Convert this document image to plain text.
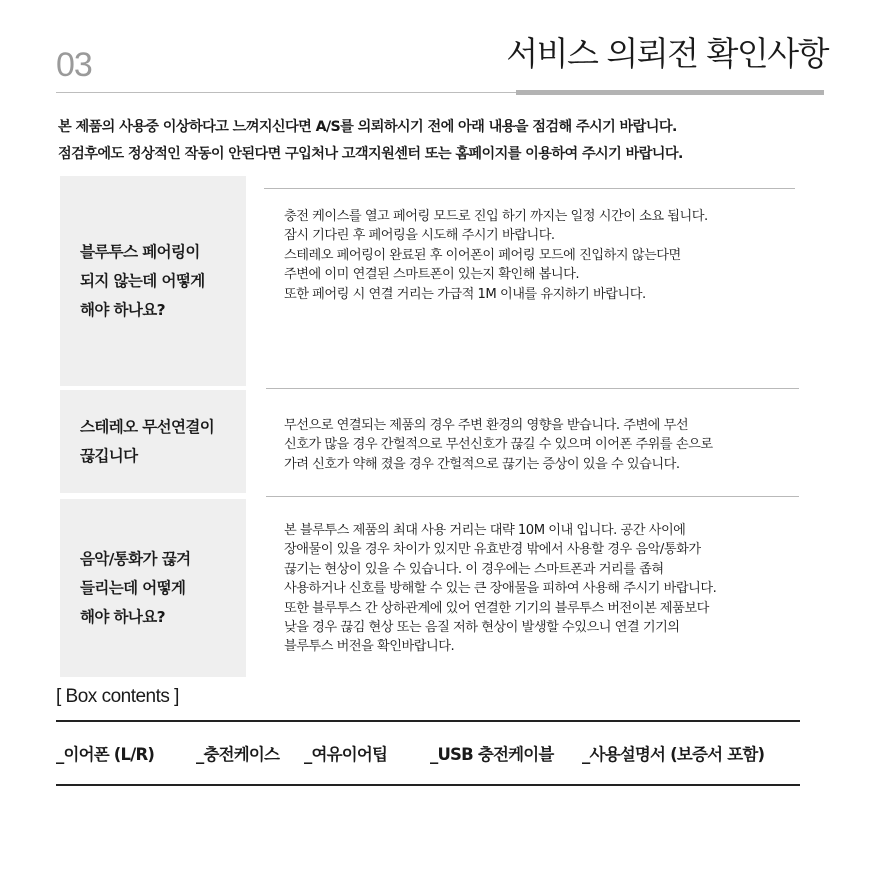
03	서비스 의뢰전 확인사항

본 제품의 사용중 이상하다고 느껴지신다면 A/S를 의뢰하시기 전에 아래 내용을 점검해 주시기 바랍니다.

점검후에도 정상적인 작동이 안된다면 구입처나 고객지원센터 또는 홈페이지를 이용하여 주시기 바랍니다.

블루투스 페어링이
되지 않는데 어떻게
해야 하나요?

충전 케이스를 열고 페어링 모드로 진입 하기 까지는 일정 시간이 소요 됩니다.

잠시 기다린 후 페어링을 시도해 주시기 바랍니다.

스테레오 페어링이 완료된 후 이어폰이 페어링 모드에 진입하지 않는다면

주변에 이미 연결된 스마트폰이 있는지 확인해 봅니다.

또한 페어링 시 연결 거리는 가급적 1M 이내를 유지하기 바랍니다.

스테레오 무선연결이
끊깁니다

무선으로 연결되는 제품의 경우 주변 환경의 영향을 받습니다. 주변에 무선

신호가 많을 경우 간헐적으로 무선신호가 끊길 수 있으며 이어폰 주위를 손으로

가려 신호가 약해 졌을 경우 간헐적으로 끊기는 증상이 있을 수 있습니다.

음악/통화가 끊겨
들리는데 어떻게
해야 하나요?

본 블루투스 제품의 최대 사용 거리는 대략 10M 이내 입니다. 공간 사이에

장애물이 있을 경우 차이가 있지만 유효반경 밖에서 사용할 경우 음악/통화가

끊기는 현상이 있을 수 있습니다. 이 경우에는 스마트폰과 거리를 좁혀

사용하거나 신호를 방해할 수 있는 큰 장애물을 피하여 사용해 주시기 바랍니다.

또한 블루투스 간 상하관계에 있어 연결한 기기의 블루투스 버전이본 제품보다

낮을 경우 끊김 현상 또는 음질 저하 현상이 발생할 수있으니 연결 기기의

블루투스 버전을 확인바랍니다.

[ Box contents ]
_이어폰 (L/R)	_충전케이스 _여유이어팁	_USB 충전케이블 _사용설명서 (보증서 포함)
